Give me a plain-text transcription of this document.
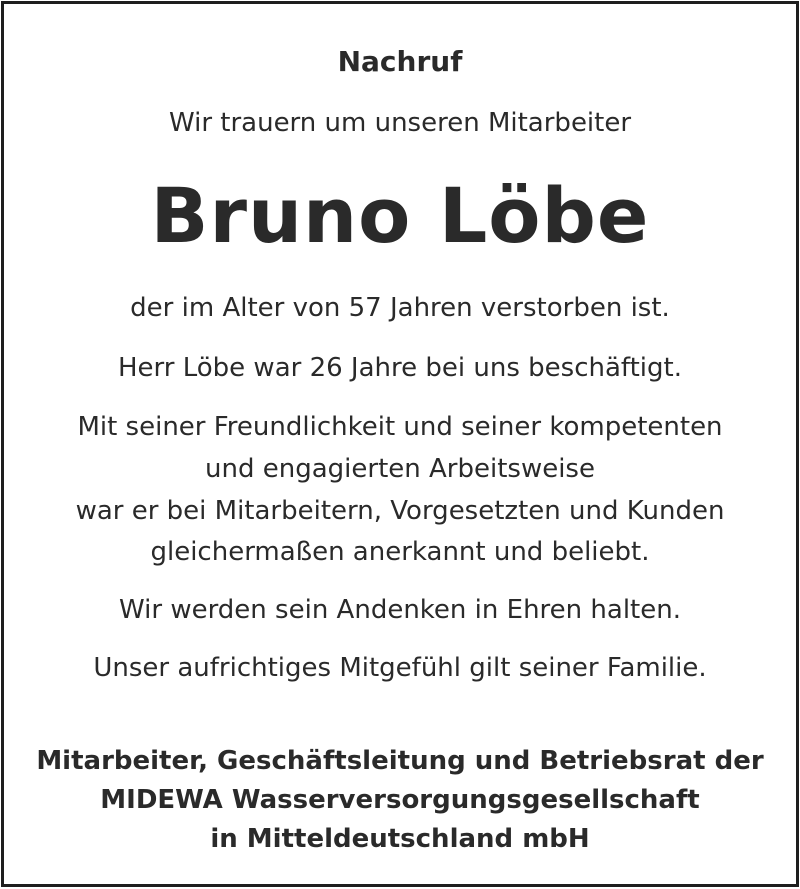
Nachruf

Wir trauern um unseren Mitarbeiter

Bruno Löbe

der im Alter von 57 Jahren verstorben ist.

Herr Löbe war 26 Jahre bei uns beschäftigt.

Mit seiner Freundlichkeit und seiner kompetenten

und engagierten Arbeitsweise

war er bei Mitarbeitern, Vorgesetzten und Kunden

gleichermaßen anerkannt und beliebt.

Wir werden sein Andenken in Ehren halten.

Unser aufrichtiges Mitgefühl gilt seiner Familie.

Mitarbeiter, Geschäftsleitung und Betriebsrat der

MIDEWA Wasserversorgungsgesellschaft

in Mitteldeutschland mbH
